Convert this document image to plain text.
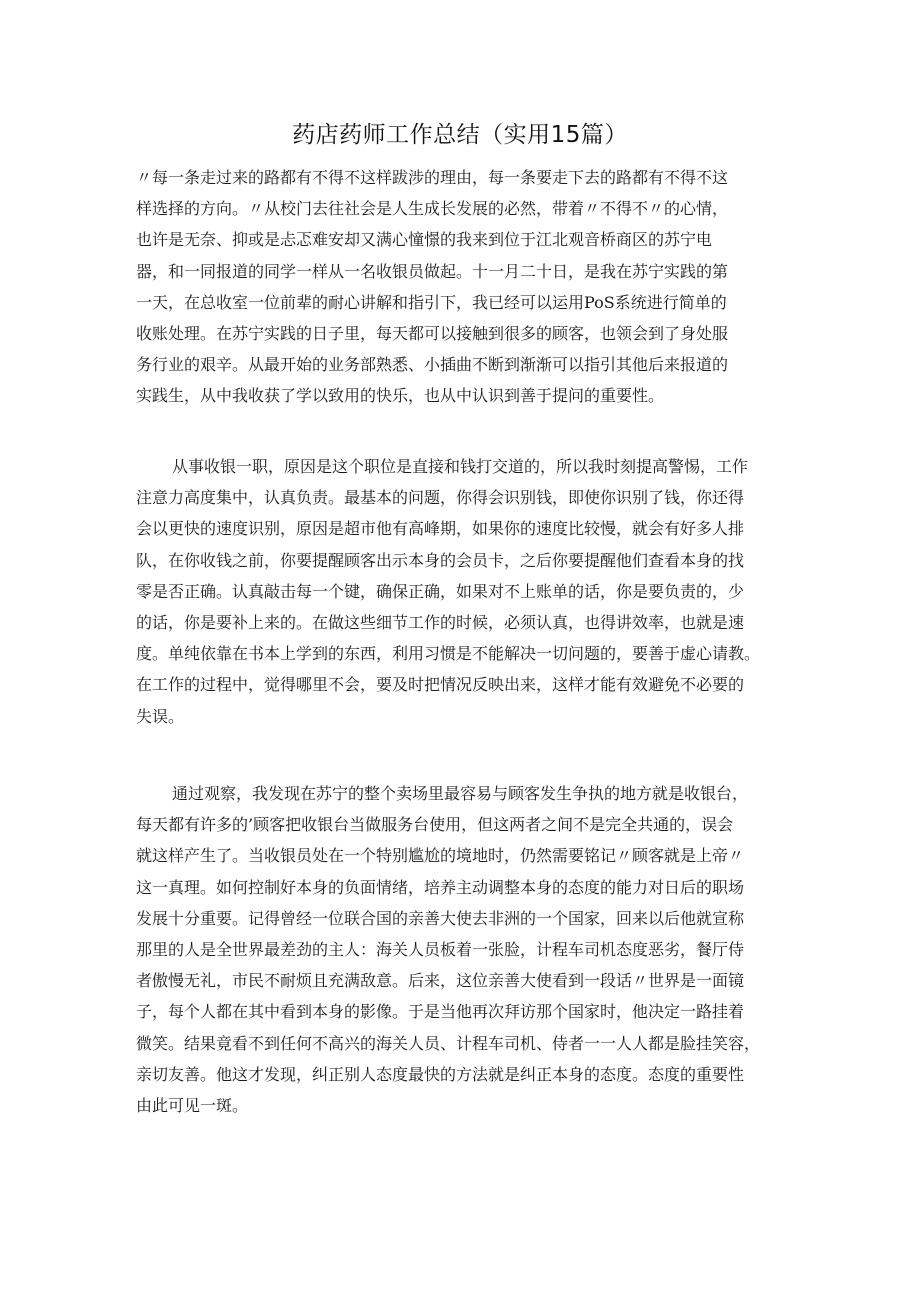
药店药师工作总结（实用15篇）
〃每一条走过来的路都有不得不这样跋涉的理由，每一条要走下去的路都有不得不这
样选择的方向。〃从校门去往社会是人生成长发展的必然，带着〃不得不〃的心情，
也许是无奈、抑或是忐忑难安却又满心憧憬的我来到位于江北观音桥商区的苏宁电
器，和一同报道的同学一样从一名收银员做起。十一月二十日，是我在苏宁实践的第
一天，在总收室一位前辈的耐心讲解和指引下，我已经可以运用PoS系统进行简单的
收账处理。在苏宁实践的日子里，每天都可以接触到很多的顾客，也领会到了身处服
务行业的艰辛。从最开始的业务部熟悉、小插曲不断到渐渐可以指引其他后来报道的
实践生，从中我收获了学以致用的快乐，也从中认识到善于提问的重要性。
从事收银一职，原因是这个职位是直接和钱打交道的，所以我时刻提高警惕，工作
注意力高度集中，认真负责。最基本的问题，你得会识别钱，即使你识别了钱，你还得
会以更快的速度识别，原因是超市他有高峰期，如果你的速度比较慢，就会有好多人排
队，在你收钱之前，你要提醒顾客出示本身的会员卡，之后你要提醒他们查看本身的找
零是否正确。认真敲击每一个键，确保正确，如果对不上账单的话，你是要负责的，少
的话，你是要补上来的。在做这些细节工作的时候，必须认真，也得讲效率，也就是速
度。单纯依靠在书本上学到的东西，利用习惯是不能解决一切问题的，要善于虚心请教。
在工作的过程中，觉得哪里不会，要及时把情况反映出来，这样才能有效避免不必要的
失误。
通过观察，我发现在苏宁的整个卖场里最容易与顾客发生争执的地方就是收银台，
每天都有许多的’顾客把收银台当做服务台使用，但这两者之间不是完全共通的，误会
就这样产生了。当收银员处在一个特别尴尬的境地时，仍然需要铭记〃顾客就是上帝〃
这一真理。如何控制好本身的负面情绪，培养主动调整本身的态度的能力对日后的职场
发展十分重要。记得曾经一位联合国的亲善大使去非洲的一个国家，回来以后他就宣称
那里的人是全世界最差劲的主人：海关人员板着一张脸，计程车司机态度恶劣，餐厅侍
者傲慢无礼，市民不耐烦且充满敌意。后来，这位亲善大使看到一段话〃世界是一面镜
子，每个人都在其中看到本身的影像。于是当他再次拜访那个国家时，他决定一路挂着
微笑。结果竟看不到任何不高兴的海关人员、计程车司机、侍者一一人人都是脸挂笑容，
亲切友善。他这才发现，纠正别人态度最快的方法就是纠正本身的态度。态度的重要性
由此可见一斑。
